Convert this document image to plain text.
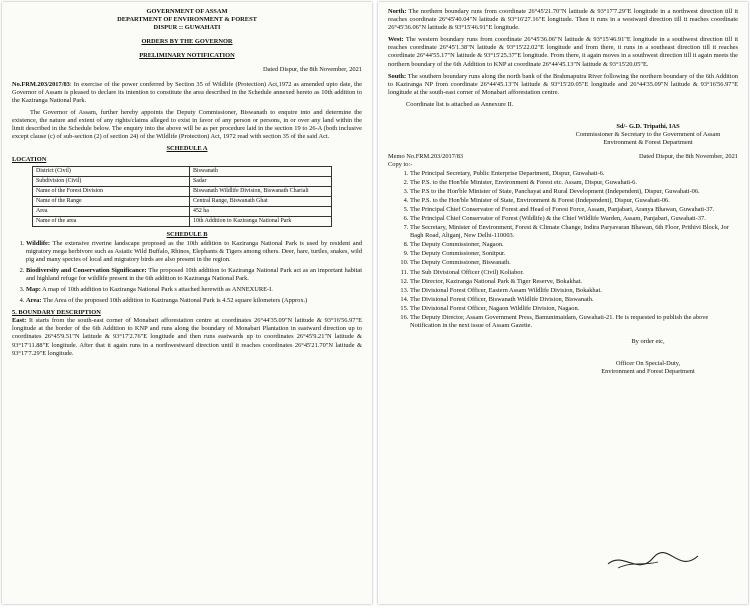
GOVERNMENT OF ASSAM
DEPARTMENT OF ENVIRONMENT & FOREST
DISPUR :: GUWAHATI
ORDERS BY THE GOVERNOR
PRELIMINARY NOTIFICATION
Dated Dispur, the 8th November, 2021

No.FRM.203/2017/83: In exercise of the power conferred by Section 35 of Wildlife (Protection) Act,1972 as amended upto date, the Governor of Assam is pleased to declare its intention to constitute the area described in the Schedule annexed hereto as 10th addition to the Kaziranga National Park.

The Governor of Assam, further hereby appoints the Deputy Commissioner, Biswanath to enquire into and determine the existence, the nature and extent of any rights/claims alleged to exist in favor of any person or persons, in or over any land within the limit described in the Schedule below. The enquiry into the above will be as per procedure laid in the section 19 to 26-A (both inclusive except clause (c) of sub-section (2) of section 24) of the Wildlife (Protection) Act, 1972 read with section 35 of the said Act.

SCHEDULE A
LOCATION
District (Civil)	Biswanath
Subdivision (Civil)	Sadar
Name of the Forest Division	Biswanath Wildlife Division, Biswanath Chariali
Name of the Range	Central Range, Biswanath Ghat
Area	452 ha
Name of the area	10th Addition to Kaziranga National Park
SCHEDULE B
1. Wildlife: The extensive riverine landscape proposed as the 10th addition to Kaziranga National Park is used by resident and migratory mega herbivore such as Asiatic Wild Buffalo, Rhinos, Elephants & Tigers among others. Deer, hare, turtles, snakes, wild pig and many species of local and migratory birds are also present in the region.
2. Biodiversity and Conservation Significance: The proposed 10th addition to Kaziranga National Park act as an important habitat and highland refuge for wildlife present in the 6th addition to Kaziranga National Park.
3. Map: A map of 10th addition to Kaziranga National Park s attached herewith as ANNEXURE-I.
4. Area: The Area of the proposed 10th addition to Kaziranga National Park is 4.52 square kilometers (Approx.)
5. BOUNDARY DESCRIPTION

East: It starts from the south-east corner of Monabari afforestation centre at coordinates 26°44'35.09"N latitude & 93°16'56.97"E longitude at the border of the 6th Addition to KNP and runs along the boundary of Monabari Plantation in eastward direction up to coordinates 26°45'9.51"N latitude & 93°17'2.76"E longitude and then runs eastwards up to coordinates 26°45'9.21"N latitude & 93°17'11.88"E longitude. After that it again runs in a northwestward direction until it reaches coordinates 26°45'21.70"N latitude & 93°17'7.29"E longitude.

North: The northern boundary runs from coordinate 26°45'21.70"N latitude & 93°17'7.29"E longitude in a northwest direction till it reaches coordinate 26°45'40.04"N latitude & 93°16'27.16"E longitude. Then it runs in a westward direction till it reaches coordinate 26°45'36.06"N latitude & 93°15'46.91"E longitude.

West: The western boundary runs from coordinate 26°45'36.06"N latitude & 93°15'46.91"E longitude in a southwest direction till it reaches coordinate 26°45'1.38"N latitude & 93°15'22.02"E longitude and from there, it runs in a southeast direction till it reaches coordinate 26°44'55.17"N latitude & 93°15'25.37"E longitude. From there, it again moves in a southwest direction till it again meets the northern boundary of the 6th Addition to KNP at coordinate 26°44'45.13"N latitude & 93°15'20.05"E.

South: The southern boundary runs along the north bank of the Brahmaputra River following the northern boundary of the 6th Addition to Kaziranga NP from coordinate 26°44'45.13"N latitude & 93°15'20.05"E longitude and 26°44'35.09"N latitude & 93°16'56.97"E longitude at the south-east corner of Monabari afforestation centre.

Coordinate list is attached as Annexure II.

Sd/- G.D. Tripathi, IAS
Commissioner & Secretary to the Government of Assam
Environment & Forest Department
Memo No.FRM.203/2017/83	Dated Dispur, the 8th November, 2021
Copy to:-
1. The Principal Secretary, Public Enterprise Department, Dispur, Guwahati-6.
2. The P.S. to the Hon'ble Minister, Environment & Forest etc. Assam, Dispur, Guwahati-6.
3. The P.S to the Hon'ble Minister of State, Panchayat and Rural Development (Independent), Dispur, Guwahati-06.
4. The P.S. to the Hon'ble Minister of State, Environment & Forest (Independent), Dispur, Guwahati-06.
5. The Principal Chief Conservator of Forest and Head of Forest Force, Assam, Panjabari, Aranya Bhawan, Guwahati-37.
6. The Principal Chief Conservator of Forest (Wildlife) & the Chief Wildlife Warden, Assam, Panjabari, Guwahati-37.
7. The Secretary, Minister of Environment, Forest & Climate Change, Indira Paryavaran Bhawan, 6th Floor, Prithivi Block, Jor Bagh Road, Aliganj, New Delhi-110003.
8. The Deputy Commissioner, Nagaon.
9. The Deputy Commissioner, Sonitpur.
10. The Deputy Commissioner, Biswanath.
11. The Sub Divisional Officer (Civil) Koliabor.
12. The Director, Kaziranga National Park & Tiger Reserve, Bokakhat.
13. The Divisional Forest Officer, Eastern Assam Wildlife Division, Bokakhat.
14. The Divisional Forest Officer, Biswanath Wildlife Division, Biswanath.
15. The Divisional Forest Officer, Nagaon Wildlife Division, Nagaon.
16. The Deputy Director, Assam Government Press, Bamunimaidam, Guwahati-21. He is requested to publish the above Notification in the next issue of Assam Gazette.
By order etc,
Officer On Special-Duty,
Environment and Forest Department
